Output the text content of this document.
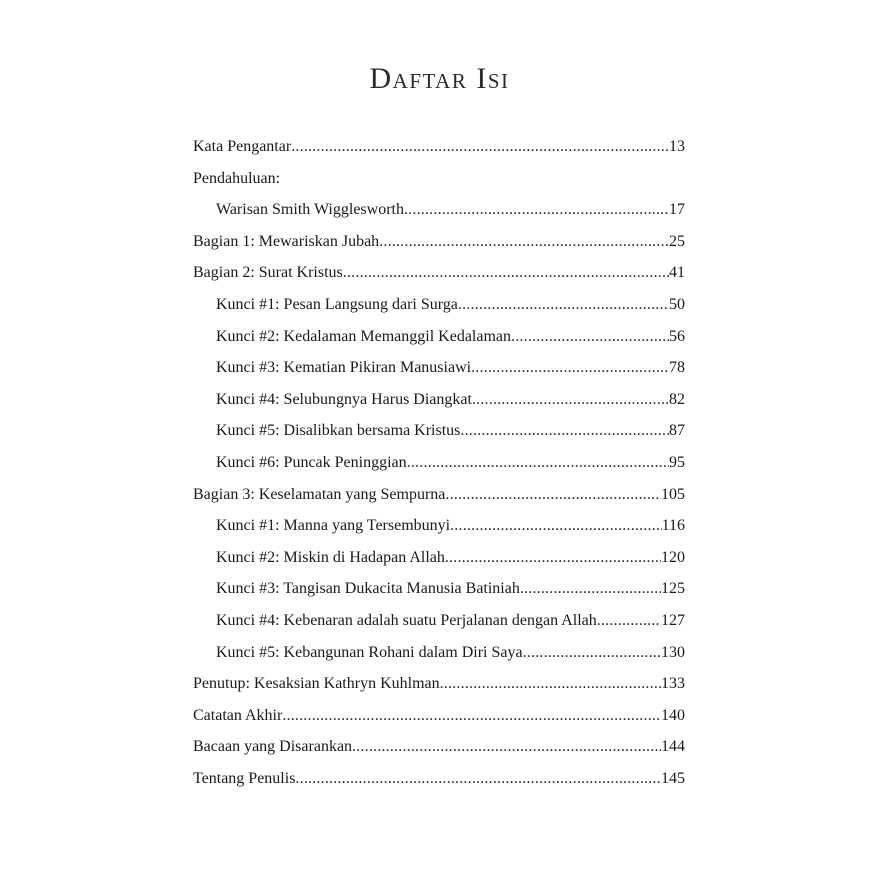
Daftar Isi
Kata Pengantar .....	13
Pendahuluan:
Warisan Smith Wigglesworth .....	17
Bagian 1: Mewariskan Jubah .....	25
Bagian 2: Surat Kristus .....	41
Kunci #1: Pesan Langsung dari Surga .....	50
Kunci #2: Kedalaman Memanggil Kedalaman .....	56
Kunci #3: Kematian Pikiran Manusiawi .....	78
Kunci #4: Selubungnya Harus Diangkat .....	82
Kunci #5: Disalibkan bersama Kristus .....	87
Kunci #6: Puncak Peninggian .....	95
Bagian 3: Keselamatan yang Sempurna .....	105
Kunci #1: Manna yang Tersembunyi .....	116
Kunci #2: Miskin di Hadapan Allah .....	120
Kunci #3: Tangisan Dukacita Manusia Batiniah .....	125
Kunci #4: Kebenaran adalah suatu Perjalanan dengan Allah .....	127
Kunci #5: Kebangunan Rohani dalam Diri Saya .....	130
Penutup: Kesaksian Kathryn Kuhlman .....	133
Catatan Akhir .....	140
Bacaan yang Disarankan .....	144
Tentang Penulis .....	145
